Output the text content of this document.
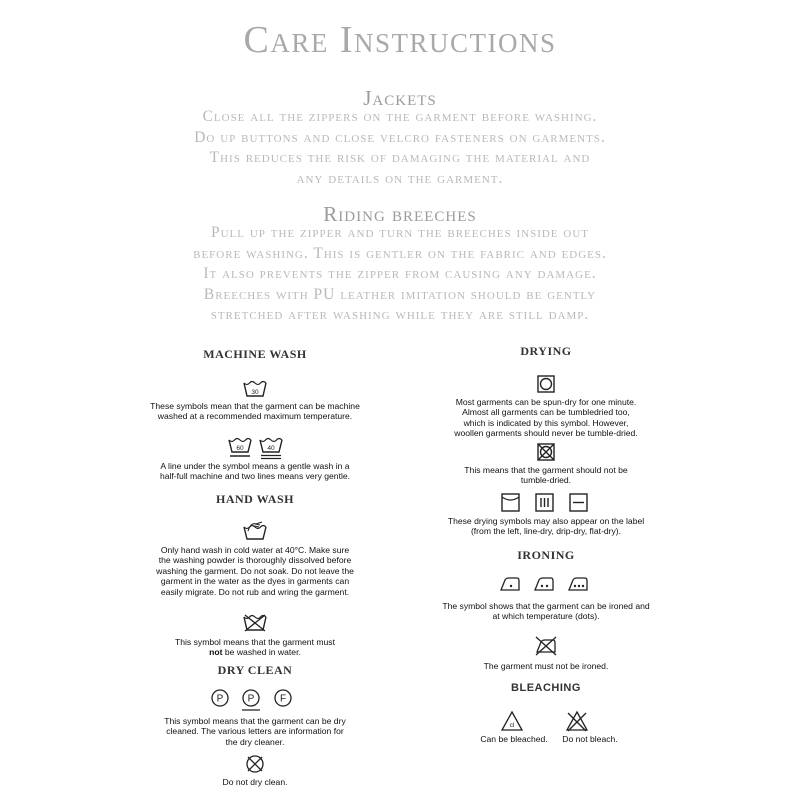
Care Instructions
Jackets

Close all the zippers on the garment before washing.
Do up buttons and close velcro fasteners on garments.
This reduces the risk of damaging the material and
any details on the garment.

Riding breeches

Pull up the zipper and turn the breeches inside out
before washing. This is gentler on the fabric and edges.
It also prevents the zipper from causing any damage.
Breeches with PU leather imitation should be gently
stretched after washing while they are still damp.

MACHINE WASH
30
These symbols mean that the garment can be machine
washed at a recommended maximum temperature.
60	40
A line under the symbol means a gentle wash in a
half-full machine and two lines means very gentle.
HAND WASH
Only hand wash in cold water at 40°C. Make sure
the washing powder is thoroughly dissolved before
washing the garment. Do not soak. Do not leave the
garment in the water as the dyes in garments can
easily migrate. Do not rub and wring the garment.
This symbol means that the garment must
not be washed in water.
DRY CLEAN
P P	F
This symbol means that the garment can be dry
cleaned. The various letters are information for
the dry cleaner.
Do not dry clean.
DRYING
Most garments can be spun-dry for one minute.
Almost all garments can be tumbledried too,
which is indicated by this symbol. However,
woollen garments should never be tumble-dried.
This means that the garment should not be
tumble-dried.
These drying symbols may also appear on the label
(from the left, line-dry, drip-dry, flat-dry).
IRONING
The symbol shows that the garment can be ironed and
at which temperature (dots).
The garment must not be ironed.
BLEACHING
cl
Can be bleached.	Do not bleach.
